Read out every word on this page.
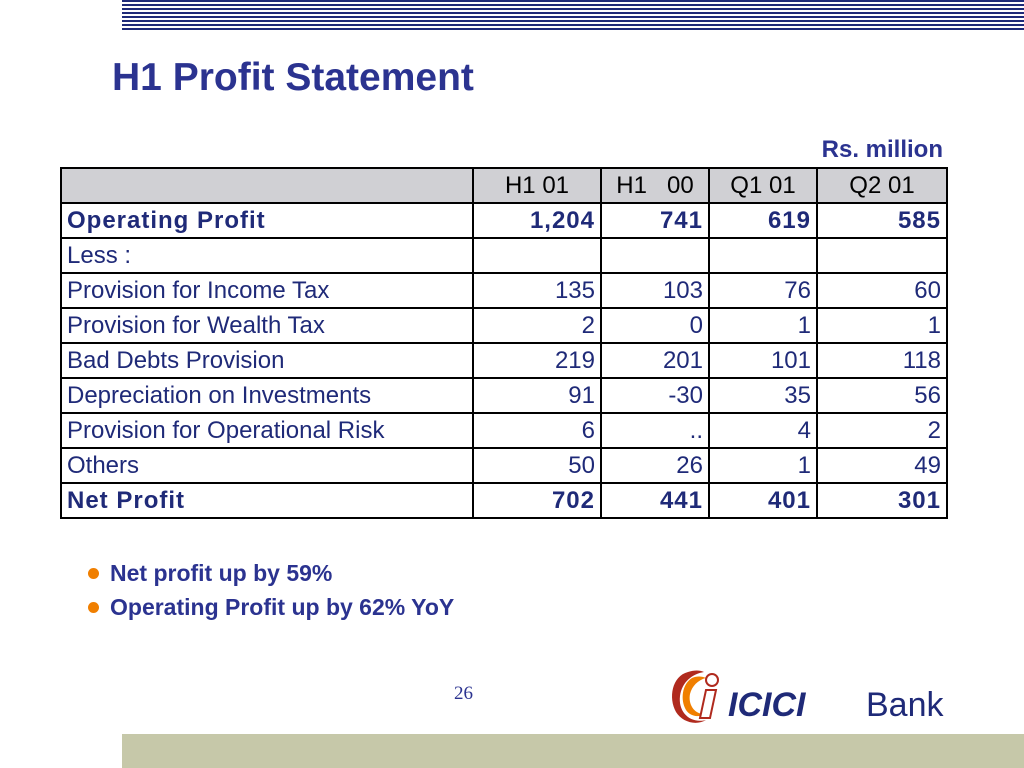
H1 Profit Statement
Rs. million
	H1 01	H1   00	Q1 01	Q2 01
Operating Profit	1,204	741	619	585
Less :				
Provision for Income Tax	135	103	76	60
Provision for Wealth Tax	2	0	1	1
Bad Debts Provision	219	201	101	118
Depreciation on Investments	91	-30	35	56
Provision for Operational Risk	6	..	4	2
Others	50	26	1	49
Net Profit	702	441	401	301
Net profit up by 59%
Operating Profit up by 62% YoY
26	ICICI Bank
